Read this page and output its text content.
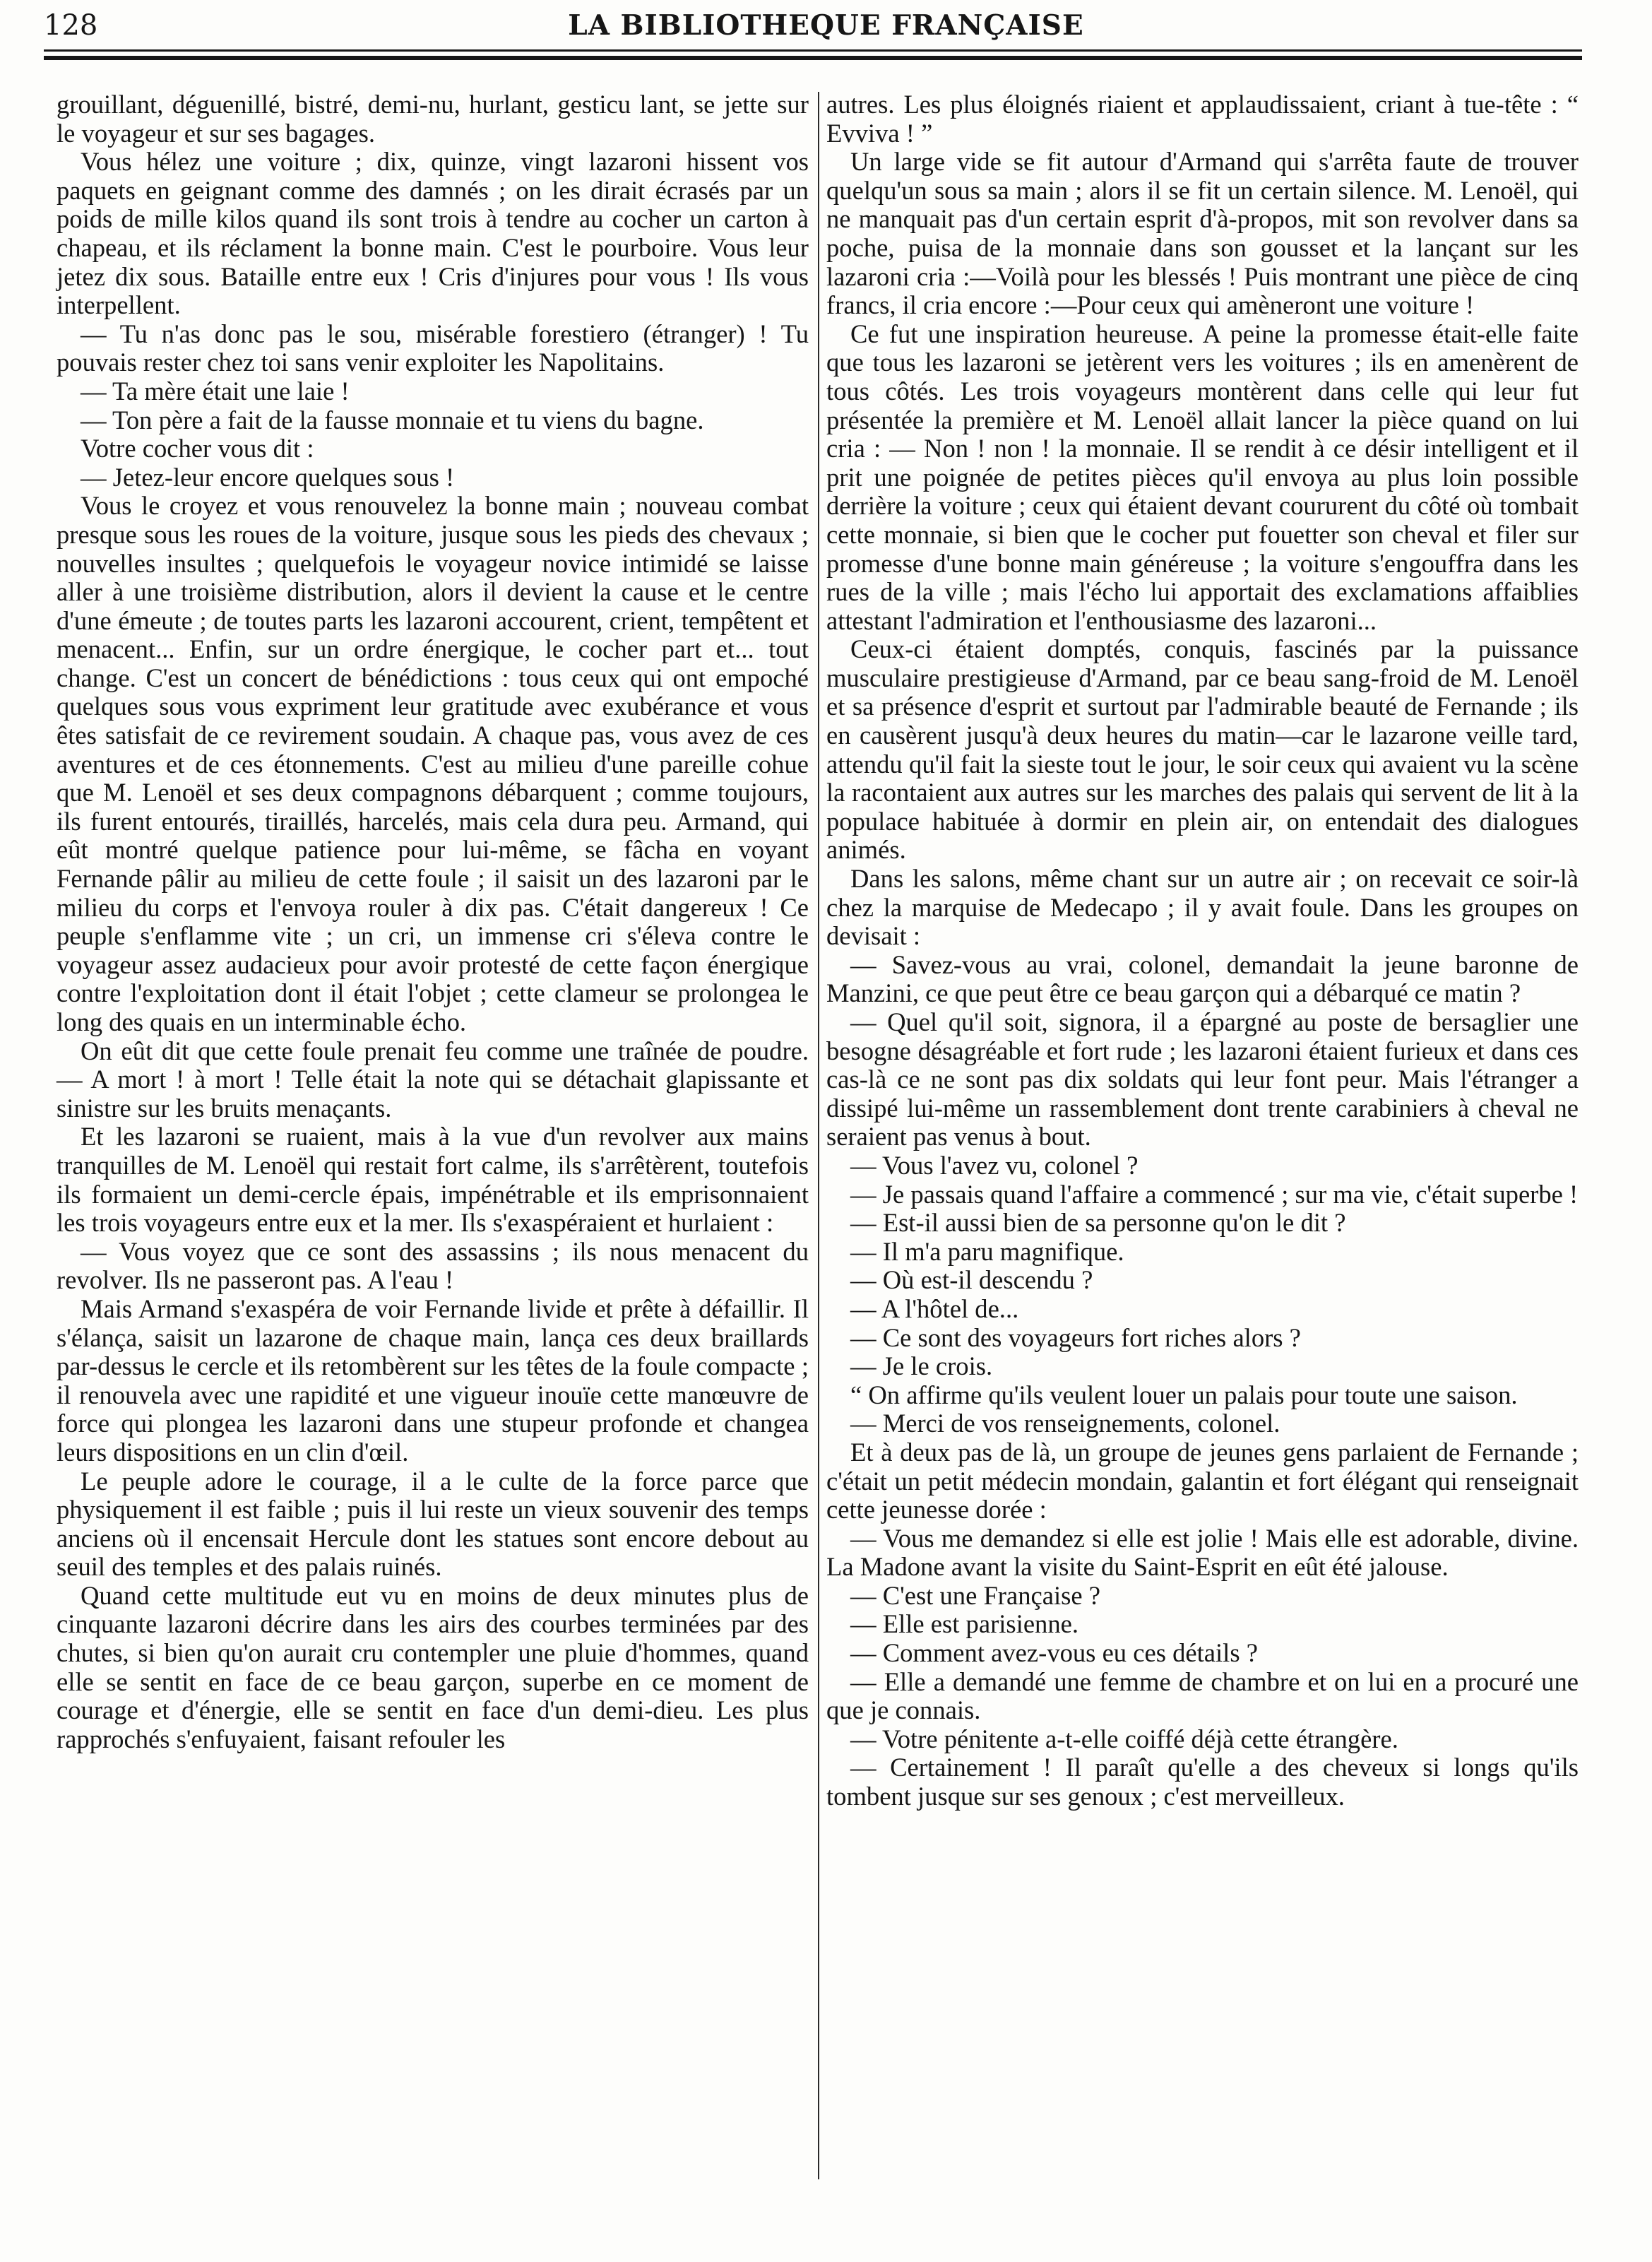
128	LA BIBLIOTHEQUE FRANÇAISE

grouillant, déguenillé, bistré, demi-nu, hurlant, gesticu lant, se jette sur le voyageur et sur ses bagages.

Vous hélez une voiture ; dix, quinze, vingt lazaroni hissent vos paquets en geignant comme des damnés ; on les dirait écrasés par un poids de mille kilos quand ils sont trois à tendre au cocher un carton à chapeau, et ils réclament la bonne main. C'est le pourboire. Vous leur jetez dix sous. Bataille entre eux ! Cris d'injures pour vous ! Ils vous interpellent.

— Tu n'as donc pas le sou, misérable forestiero (étranger) ! Tu pouvais rester chez toi sans venir exploiter les Napolitains.

— Ta mère était une laie !

— Ton père a fait de la fausse monnaie et tu viens du bagne.

Votre cocher vous dit :

— Jetez-leur encore quelques sous !

Vous le croyez et vous renouvelez la bonne main ; nouveau combat presque sous les roues de la voiture, jusque sous les pieds des chevaux ; nouvelles insultes ; quelquefois le voyageur novice intimidé se laisse aller à une troisième distribution, alors il devient la cause et le centre d'une émeute ; de toutes parts les lazaroni accourent, crient, tempêtent et menacent... Enfin, sur un ordre énergique, le cocher part et... tout change. C'est un concert de bénédictions : tous ceux qui ont empoché quelques sous vous expriment leur gratitude avec exubérance et vous êtes satisfait de ce revirement soudain. A chaque pas, vous avez de ces aventures et de ces étonnements. C'est au milieu d'une pareille cohue que M. Lenoël et ses deux compagnons débarquent ; comme toujours, ils furent entourés, tiraillés, harcelés, mais cela dura peu. Armand, qui eût montré quelque patience pour lui-même, se fâcha en voyant Fernande pâlir au milieu de cette foule ; il saisit un des lazaroni par le milieu du corps et l'envoya rouler à dix pas. C'était dangereux ! Ce peuple s'enflamme vite ; un cri, un immense cri s'éleva contre le voyageur assez audacieux pour avoir protesté de cette façon énergique contre l'exploitation dont il était l'objet ; cette clameur se prolongea le long des quais en un interminable écho.

On eût dit que cette foule prenait feu comme une traînée de poudre. — A mort ! à mort ! Telle était la note qui se détachait glapissante et sinistre sur les bruits menaçants.

Et les lazaroni se ruaient, mais à la vue d'un revolver aux mains tranquilles de M. Lenoël qui restait fort calme, ils s'arrêtèrent, toutefois ils formaient un demi-cercle épais, impénétrable et ils emprisonnaient les trois voyageurs entre eux et la mer. Ils s'exaspéraient et hurlaient :

— Vous voyez que ce sont des assassins ; ils nous menacent du revolver. Ils ne passeront pas. A l'eau !

Mais Armand s'exaspéra de voir Fernande livide et prête à défaillir. Il s'élança, saisit un lazarone de chaque main, lança ces deux braillards par-dessus le cercle et ils retombèrent sur les têtes de la foule compacte ; il renouvela avec une rapidité et une vigueur inouïe cette manœuvre de force qui plongea les lazaroni dans une stupeur profonde et changea leurs dispositions en un clin d'œil.

Le peuple adore le courage, il a le culte de la force parce que physiquement il est faible ; puis il lui reste un vieux souvenir des temps anciens où il encensait Hercule dont les statues sont encore debout au seuil des temples et des palais ruinés.

Quand cette multitude eut vu en moins de deux minutes plus de cinquante lazaroni décrire dans les airs des courbes terminées par des chutes, si bien qu'on aurait cru contempler une pluie d'hommes, quand elle se sentit en face de ce beau garçon, superbe en ce moment de courage et d'énergie, elle se sentit en face d'un demi-dieu. Les plus rapprochés s'enfuyaient, faisant refouler les

autres. Les plus éloignés riaient et applaudissaient, criant à tue-tête : “ Evviva ! ”

Un large vide se fit autour d'Armand qui s'arrêta faute de trouver quelqu'un sous sa main ; alors il se fit un certain silence. M. Lenoël, qui ne manquait pas d'un certain esprit d'à-propos, mit son revolver dans sa poche, puisa de la monnaie dans son gousset et la lançant sur les lazaroni cria :—Voilà pour les blessés ! Puis montrant une pièce de cinq francs, il cria encore :—Pour ceux qui amèneront une voiture !

Ce fut une inspiration heureuse. A peine la promesse était-elle faite que tous les lazaroni se jetèrent vers les voitures ; ils en amenèrent de tous côtés. Les trois voyageurs montèrent dans celle qui leur fut présentée la première et M. Lenoël allait lancer la pièce quand on lui cria : — Non ! non ! la monnaie. Il se rendit à ce désir intelligent et il prit une poignée de petites pièces qu'il envoya au plus loin possible derrière la voiture ; ceux qui étaient devant coururent du côté où tombait cette monnaie, si bien que le cocher put fouetter son cheval et filer sur promesse d'une bonne main généreuse ; la voiture s'engouffra dans les rues de la ville ; mais l'écho lui apportait des exclamations affaiblies attestant l'admiration et l'enthousiasme des lazaroni...

Ceux-ci étaient domptés, conquis, fascinés par la puissance musculaire prestigieuse d'Armand, par ce beau sang-froid de M. Lenoël et sa présence d'esprit et surtout par l'admirable beauté de Fernande ; ils en causèrent jusqu'à deux heures du matin—car le lazarone veille tard, attendu qu'il fait la sieste tout le jour, le soir ceux qui avaient vu la scène la racontaient aux autres sur les marches des palais qui servent de lit à la populace habituée à dormir en plein air, on entendait des dialogues animés.

Dans les salons, même chant sur un autre air ; on recevait ce soir-là chez la marquise de Medecapo ; il y avait foule. Dans les groupes on devisait :

— Savez-vous au vrai, colonel, demandait la jeune baronne de Manzini, ce que peut être ce beau garçon qui a débarqué ce matin ?

— Quel qu'il soit, signora, il a épargné au poste de bersaglier une besogne désagréable et fort rude ; les lazaroni étaient furieux et dans ces cas-là ce ne sont pas dix soldats qui leur font peur. Mais l'étranger a dissipé lui-même un rassemblement dont trente carabiniers à cheval ne seraient pas venus à bout.

— Vous l'avez vu, colonel ?

— Je passais quand l'affaire a commencé ; sur ma vie, c'était superbe !

— Est-il aussi bien de sa personne qu'on le dit ?

— Il m'a paru magnifique.

— Où est-il descendu ?

— A l'hôtel de...

— Ce sont des voyageurs fort riches alors ?

— Je le crois.

“ On affirme qu'ils veulent louer un palais pour toute une saison.

— Merci de vos renseignements, colonel.

Et à deux pas de là, un groupe de jeunes gens parlaient de Fernande ; c'était un petit médecin mondain, galantin et fort élégant qui renseignait cette jeunesse dorée :

— Vous me demandez si elle est jolie ! Mais elle est adorable, divine. La Madone avant la visite du Saint-Esprit en eût été jalouse.

— C'est une Française ?

— Elle est parisienne.

— Comment avez-vous eu ces détails ?

— Elle a demandé une femme de chambre et on lui en a procuré une que je connais.

— Votre pénitente a-t-elle coiffé déjà cette étrangère.

— Certainement ! Il paraît qu'elle a des cheveux si longs qu'ils tombent jusque sur ses genoux ; c'est merveilleux.
